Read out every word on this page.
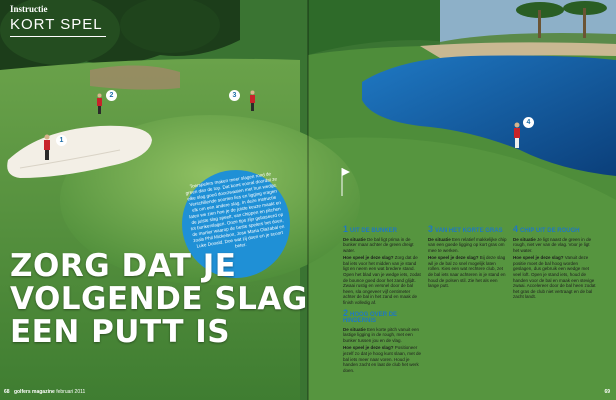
Instructie
KORT SPEL
1
2	3
4
Toerspelers maken meer slagen rond de green dan de top. Dat komt vooral doordat ze elke slag goed doorzwaaien met hun wedge. Verschillende soorten lies en ligging vragen elk om een andere slag. In deze instructie laten we zien hoe je de juiste keuze maakt en de juiste slag speelt, van chippen en pitchen tot bunkerslagen. Onze tips zijn gebaseerd op de manier waarop de beste spelers het doen, zoals Phil Mickelson, Jose Maria Olazabal en Luke Donald. Doe wat zij doen en je scoort beter.
ZORG DAT JE
VOLGENDE SLAG
EEN PUTT IS
68 golfers magazine februari 2011	69
1 UIT DE BUNKER

De situatie De bal ligt prima in de bunker maar achter de green dreigt water.

Hoe speel je deze slag? Zorg dat de bal iets voor het midden van je stand ligt en neem een wat bredere stand. Open het blad van je wedge iets, zodat de bounce goed door het zand glijdt. Zwaai rustig en versnel door de bal heen, sla ongeveer vijf centimeter achter de bal in het zand en maak de finish volledig af.

2 HOOG OVER DE HINDERNIS

De situatie Een korte pitch vanuit een lastige ligging in de rough, met een bunker tussen jou en de vlag.

Hoe speel je deze slag? Positioneer jezelf zo dat je hoog kunt slaan, met de bal iets meer naar voren. Houd je handen zacht en laat de club het werk doen.

3 VAN HET KORTE GRAS

De situatie Een relatief makkelijke chip van een goede ligging op kort gras om mee te werken.

Hoe speel je deze slag? Bij deze slag wil je de bal zo snel mogelijk laten rollen. Kies een wat rechtere club, zet de bal iets naar achteren in je stand en houd de polsen stil. Zie het als een lange putt.

4 CHIP UIT DE ROUGH

De situatie Je ligt naast de green in de rough, niet ver van de vlag. Voor je ligt het water.

Hoe speel je deze slag? Vanuit deze positie moet de bal hoog worden geslagen, dus gebruik een wedge met veel loft. Open je stand iets, houd de handen voor de bal en maak een stevige zwaai. Accelereer door de bal heen zodat het gras de club niet vertraagt en de bal zacht landt.
